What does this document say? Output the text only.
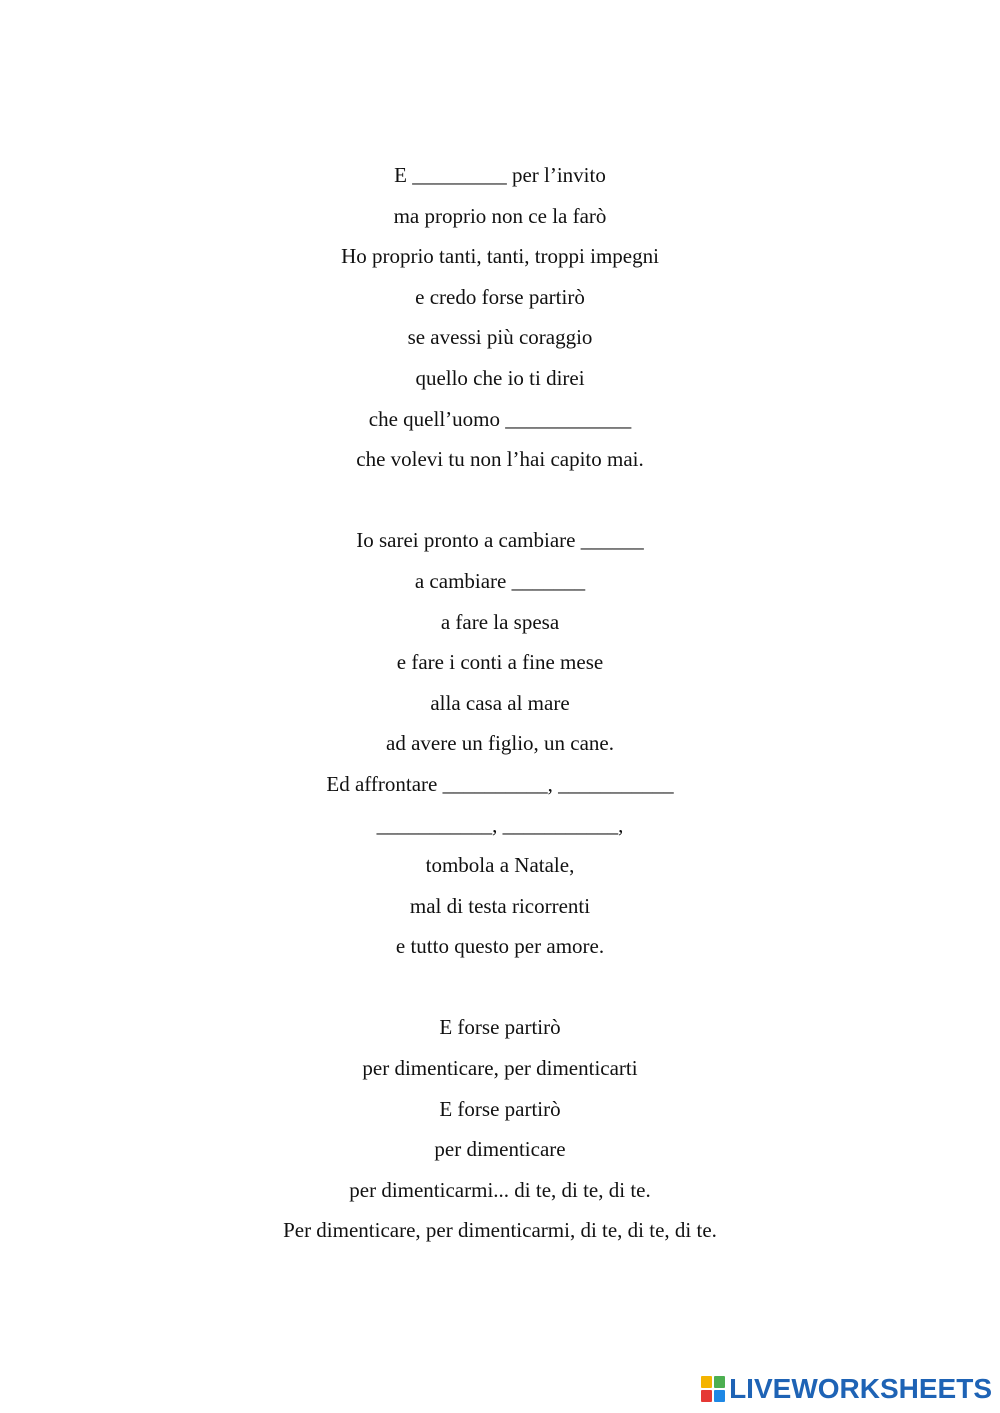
E _________ per l’invito
ma proprio non ce la farò
Ho proprio tanti, tanti, troppi impegni
e credo forse partirò
se avessi più coraggio
quello che io ti direi
che quell’uomo ____________
che volevi tu non l’hai capito mai.
Io sarei pronto a cambiare ______
a cambiare _______
a fare la spesa
e fare i conti a fine mese
alla casa al mare
ad avere un figlio, un cane.
Ed affrontare __________, ___________
___________, ___________,
tombola a Natale,
mal di testa ricorrenti
e tutto questo per amore.
E forse partirò
per dimenticare, per dimenticarti
E forse partirò
per dimenticare
per dimenticarmi... di te, di te, di te.
Per dimenticare, per dimenticarmi, di te, di te, di te.
LIVEWORKSHEETS
